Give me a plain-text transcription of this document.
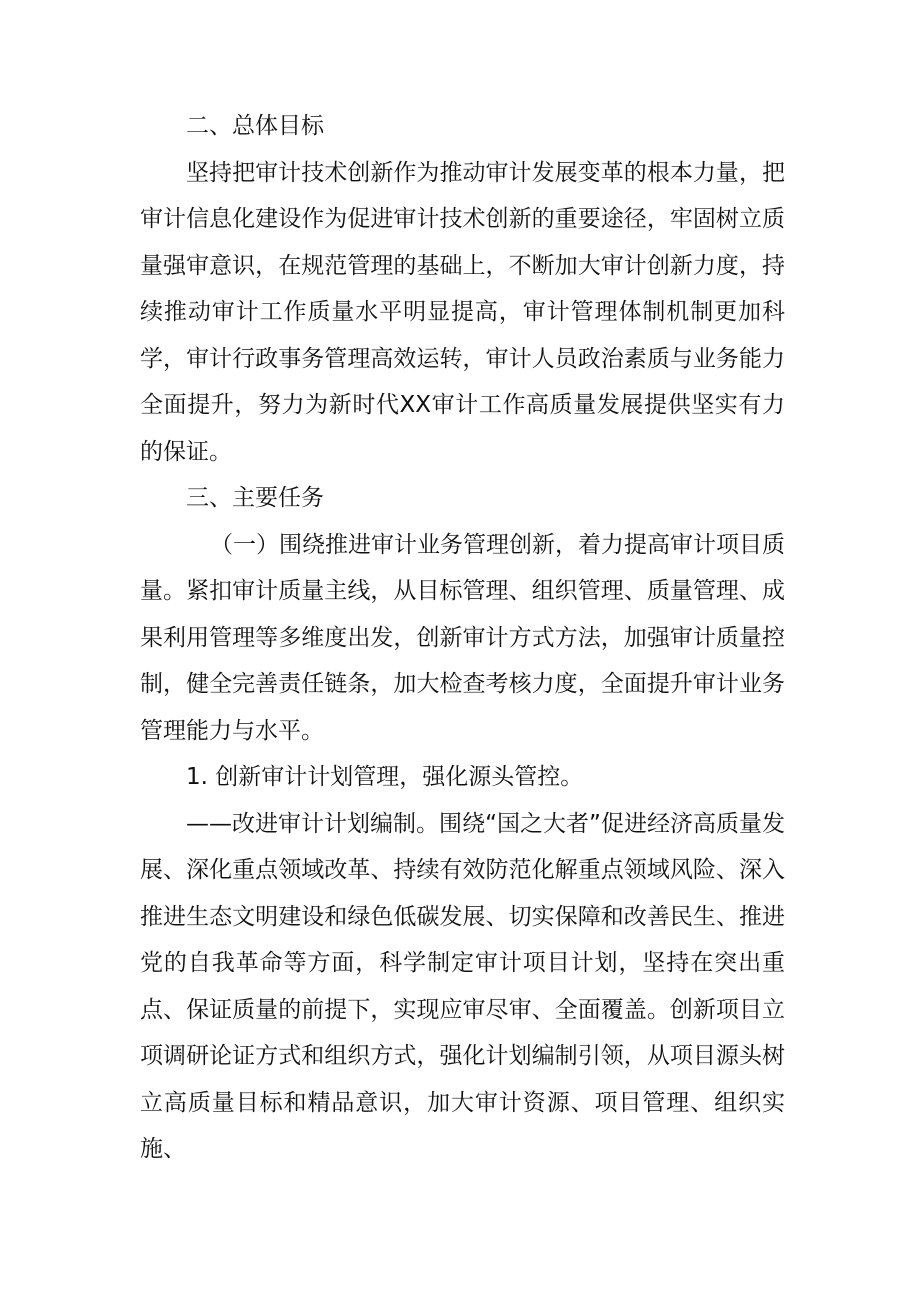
二、总体目标

坚持把审计技术创新作为推动审计发展变革的根本力量，把审计信息化建设作为促进审计技术创新的重要途径，牢固树立质量强审意识，在规范管理的基础上，不断加大审计创新力度，持续推动审计工作质量水平明显提高，审计管理体制机制更加科学，审计行政事务管理高效运转，审计人员政治素质与业务能力全面提升，努力为新时代XX审计工作高质量发展提供坚实有力的保证。

三、主要任务

（一）围绕推进审计业务管理创新，着力提高审计项目质量。紧扣审计质量主线，从目标管理、组织管理、质量管理、成果利用管理等多维度出发，创新审计方式方法，加强审计质量控制，健全完善责任链条，加大检查考核力度，全面提升审计业务管理能力与水平。

1. 创新审计计划管理，强化源头管控。

——改进审计计划编制。围绕“国之大者”促进经济高质量发展、深化重点领域改革、持续有效防范化解重点领域风险、深入推进生态文明建设和绿色低碳发展、切实保障和改善民生、推进党的自我革命等方面，科学制定审计项目计划，坚持在突出重点、保证质量的前提下，实现应审尽审、全面覆盖。创新项目立项调研论证方式和组织方式，强化计划编制引领，从项目源头树立高质量目标和精品意识，加大审计资源、项目管理、组织实施、
